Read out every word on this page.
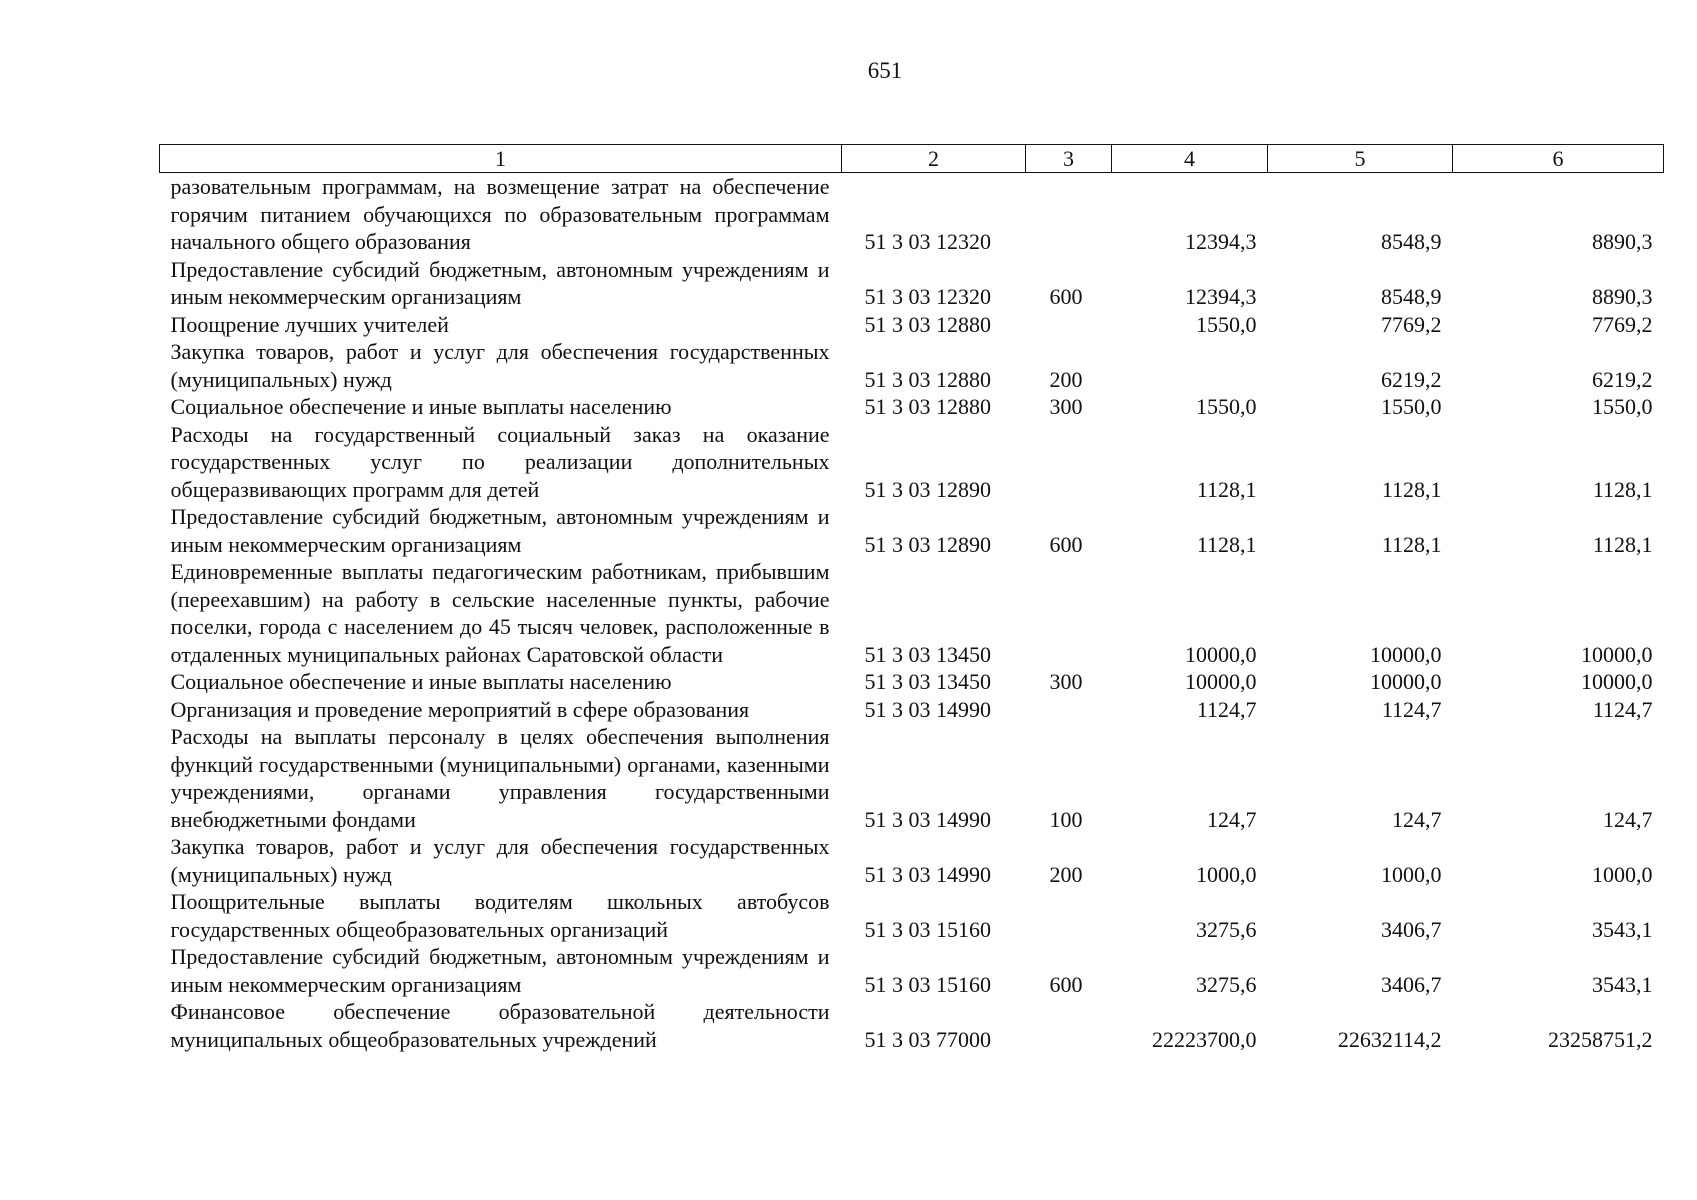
651
1	2	3	4	5	6
разовательным программам, на возмещение затрат на обеспечение горячим питанием обучающихся по образовательным программам начального общего образования	51 3 03 12320		12394,3	8548,9	8890,3
Предоставление субсидий бюджетным, автономным учреждениям и иным некоммерческим организациям	51 3 03 12320	600	12394,3	8548,9	8890,3
Поощрение лучших учителей	51 3 03 12880		1550,0	7769,2	7769,2
Закупка товаров, работ и услуг для обеспечения государственных (муниципальных) нужд	51 3 03 12880	200		6219,2	6219,2
Социальное обеспечение и иные выплаты населению	51 3 03 12880	300	1550,0	1550,0	1550,0
Расходы на государственный социальный заказ на оказание государственных услуг по реализации дополнительных общеразвивающих программ для детей	51 3 03 12890		1128,1	1128,1	1128,1
Предоставление субсидий бюджетным, автономным учреждениям и иным некоммерческим организациям	51 3 03 12890	600	1128,1	1128,1	1128,1
Единовременные выплаты педагогическим работникам, прибывшим (переехавшим) на работу в сельские населенные пункты, рабочие поселки, города с населением до 45 тысяч человек, расположенные в отдаленных муниципальных районах Саратовской области	51 3 03 13450		10000,0	10000,0	10000,0
Социальное обеспечение и иные выплаты населению	51 3 03 13450	300	10000,0	10000,0	10000,0
Организация и проведение мероприятий в сфере образования	51 3 03 14990		1124,7	1124,7	1124,7
Расходы на выплаты персоналу в целях обеспечения выполнения функций государственными (муниципальными) органами, казенными учреждениями, органами управления государственными внебюджетными фондами	51 3 03 14990	100	124,7	124,7	124,7
Закупка товаров, работ и услуг для обеспечения государственных (муниципальных) нужд	51 3 03 14990	200	1000,0	1000,0	1000,0
Поощрительные выплаты водителям школьных автобусов государственных общеобразовательных организаций	51 3 03 15160		3275,6	3406,7	3543,1
Предоставление субсидий бюджетным, автономным учреждениям и иным некоммерческим организациям	51 3 03 15160	600	3275,6	3406,7	3543,1
Финансовое обеспечение образовательной деятельности муниципальных общеобразовательных учреждений	51 3 03 77000		22223700,0	22632114,2	23258751,2
